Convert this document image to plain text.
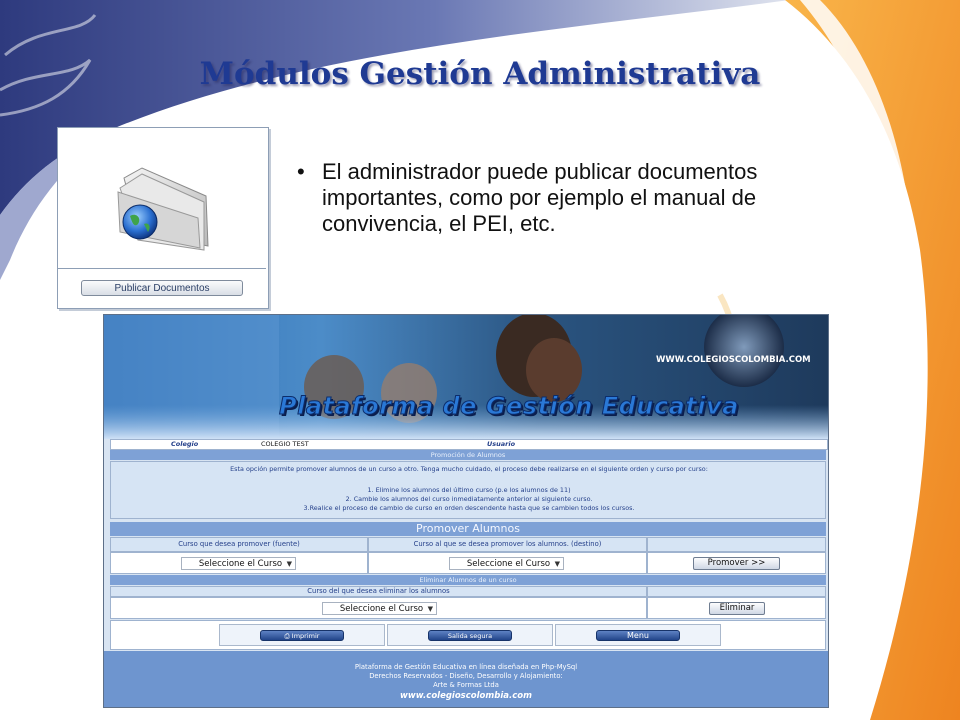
Módulos Gestión Administrativa
Publicar Documentos
• El administrador puede publicar documentos importantes, como por ejemplo el manual de convivencia, el PEI, etc.
Plataforma de Gestión Educativa
WWW.COLEGIOSCOLOMBIA.COM
Colegio	COLEGIO TEST	Usuario
Promoción de Alumnos
Esta opción permite promover alumnos de un curso a otro. Tenga mucho cuidado, el proceso debe realizarse en el siguiente orden y curso por curso:
1. Elimine los alumnos del último curso (p.e los alumnos de 11)
2. Cambie los alumnos del curso inmediatamente anterior al siguiente curso.
3.Realice el proceso de cambio de curso en orden descendente hasta que se cambien todos los cursos.
Promover Alumnos
Curso que desea promover (fuente)	Curso al que se desea promover los alumnos. (destino)
Seleccione el Curso ▼	Seleccione el Curso ▼	Promover >>
Eliminar Alumnos de un curso
Curso del que desea eliminar los alumnos
Seleccione el Curso ▼	Eliminar
⎙ Imprimir	Salida segura	Menu
Plataforma de Gestión Educativa en línea diseñada en Php-MySql
Derechos Reservados - Diseño, Desarrollo y Alojamiento:
Arte & Formas Ltda
www.colegioscolombia.com
